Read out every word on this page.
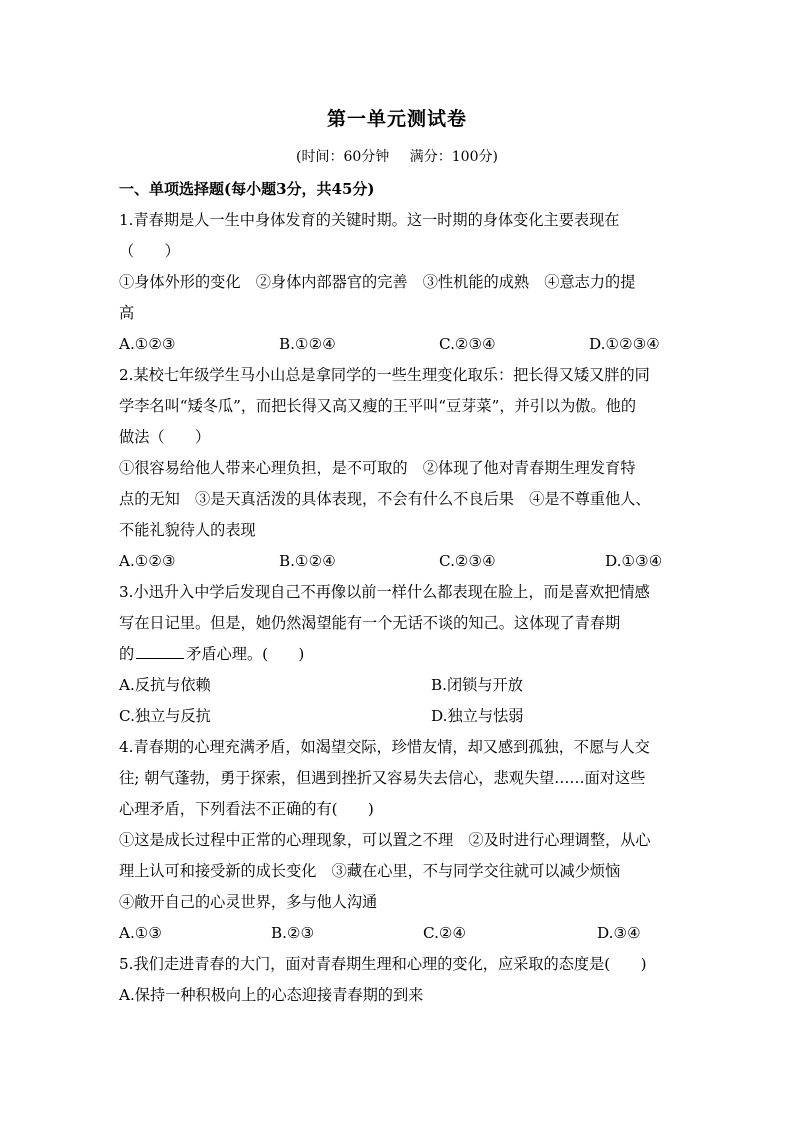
第一单元测试卷
(时间：60分钟 满分：100分)
一、单项选择题(每小题3分，共45分)
1.青春期是人一生中身体发育的关键时期。这一时期的身体变化主要表现在
（　　）
①身体外形的变化　②身体内部器官的完善　③性机能的成熟　④意志力的提
高
A.①②③	B.①②④	C.②③④	D.①②③④
2.某校七年级学生马小山总是拿同学的一些生理变化取乐：把长得又矮又胖的同
学李名叫“矮冬瓜”，而把长得又高又瘦的王平叫“豆芽菜”，并引以为傲。他的
做法（　　）
①很容易给他人带来心理负担，是不可取的　②体现了他对青春期生理发育特
点的无知　③是天真活泼的具体表现，不会有什么不良后果　④是不尊重他人、
不能礼貌待人的表现
A.①②③	B.①②④	C.②③④	D.①③④
3.小迅升入中学后发现自己不再像以前一样什么都表现在脸上，而是喜欢把情感
写在日记里。但是，她仍然渴望能有一个无话不谈的知己。这体现了青春期
的	矛盾心理。(　　)
A.反抗与依赖	B.闭锁与开放
C.独立与反抗	D.独立与怯弱
4.青春期的心理充满矛盾，如渴望交际，珍惜友情，却又感到孤独，不愿与人交
往; 朝气蓬勃，勇于探索，但遇到挫折又容易失去信心，悲观失望……面对这些
心理矛盾，下列看法不正确的有(　　)
①这是成长过程中正常的心理现象，可以置之不理　②及时进行心理调整，从心
理上认可和接受新的成长变化　③藏在心里，不与同学交往就可以减少烦恼
④敞开自己的心灵世界，多与他人沟通
A.①③	B.②③	C.②④	D.③④
5.我们走进青春的大门，面对青春期生理和心理的变化，应采取的态度是(　　)
A.保持一种积极向上的心态迎接青春期的到来
